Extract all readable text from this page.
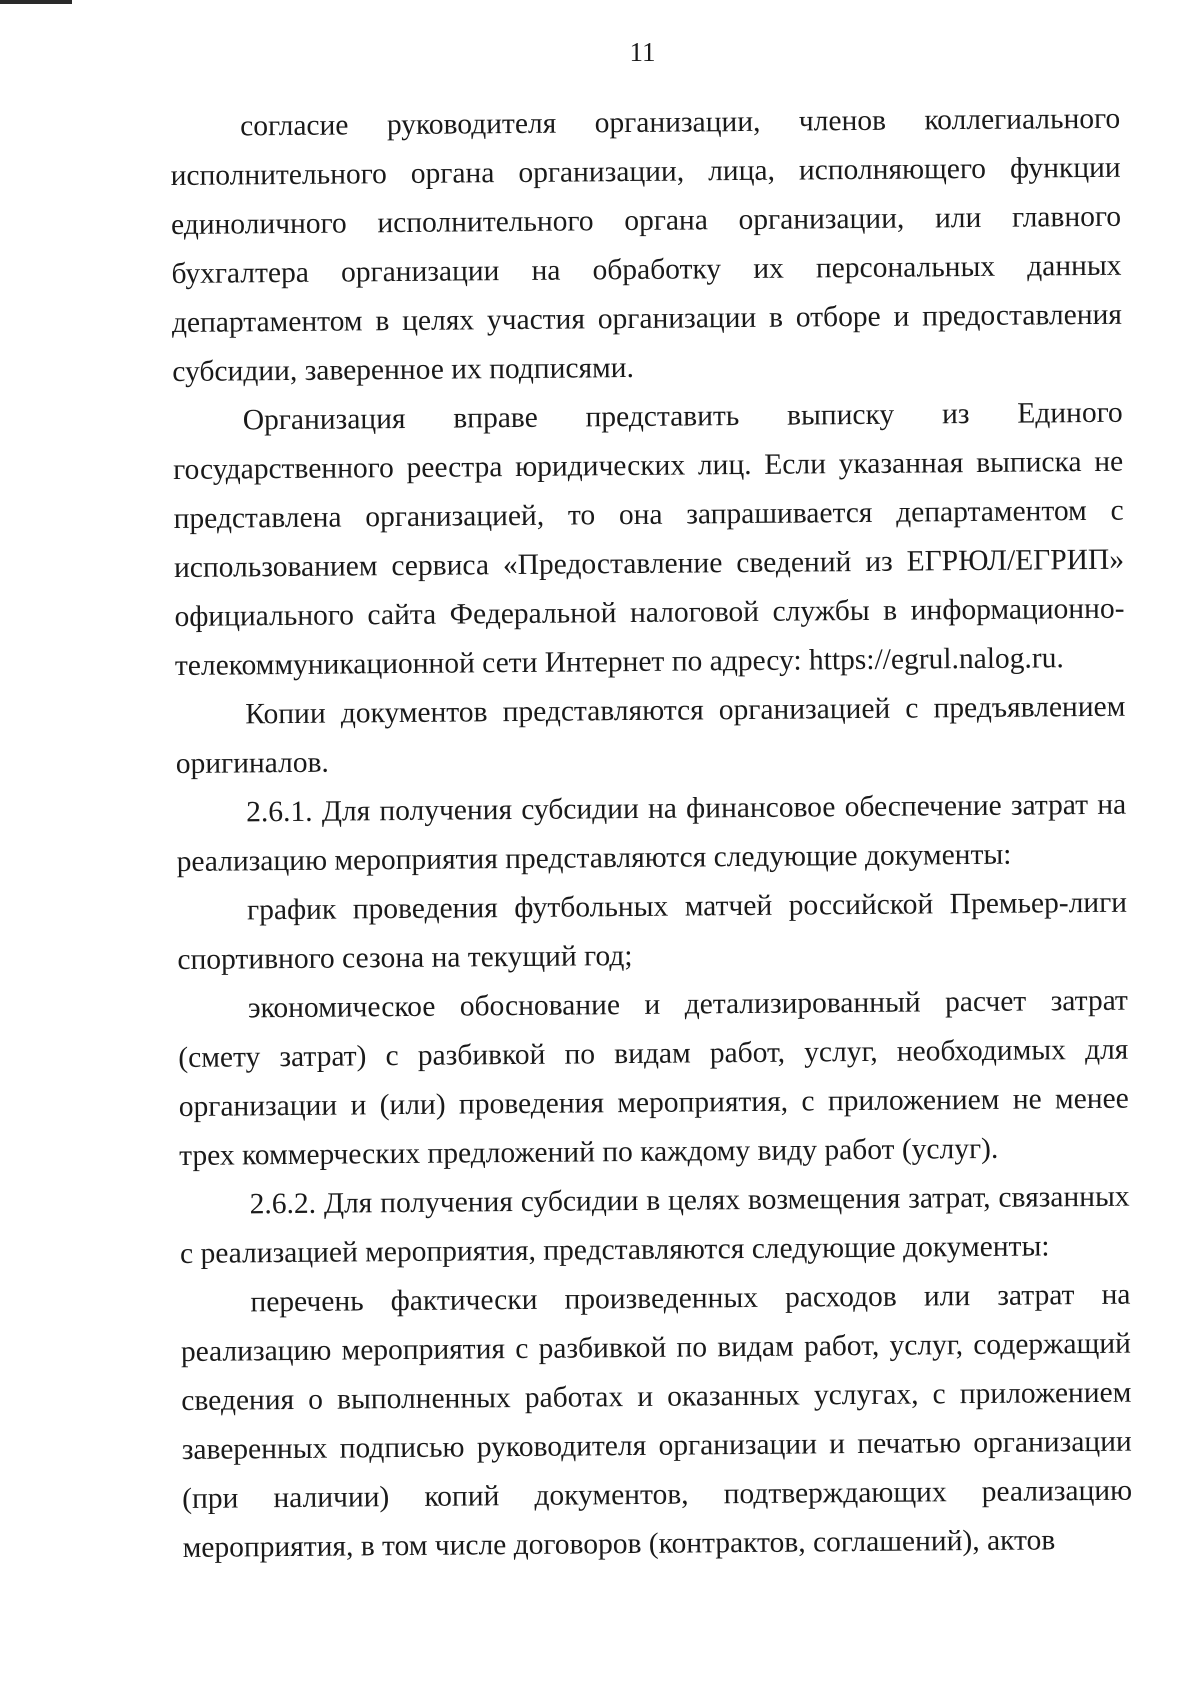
11

согласие руководителя организации, членов коллегиального исполнительного органа организации, лица, исполняющего функции единоличного исполнительного органа организации, или главного бухгалтера организации на обработку их персональных данных департаментом в целях участия организации в отборе и предоставления субсидии, заверенное их подписями.

Организация вправе представить выписку из Единого государственного реестра юридических лиц. Если указанная выписка не представлена организацией, то она запрашивается департаментом с использованием сервиса «Предоставление сведений из ЕГРЮЛ/ЕГРИП» официального сайта Федеральной налоговой службы в информационно-телекоммуникационной сети Интернет по адресу: https://egrul.nalog.ru.

Копии документов представляются организацией с предъявлением оригиналов.

2.6.1. Для получения субсидии на финансовое обеспечение затрат на реализацию мероприятия представляются следующие документы:

график проведения футбольных матчей российской Премьер-лиги спортивного сезона на текущий год;

экономическое обоснование и детализированный расчет затрат (смету затрат) с разбивкой по видам работ, услуг, необходимых для организации и (или) проведения мероприятия, с приложением не менее трех коммерческих предложений по каждому виду работ (услуг).

2.6.2. Для получения субсидии в целях возмещения затрат, связанных с реализацией мероприятия, представляются следующие документы:

перечень фактически произведенных расходов или затрат на реализацию мероприятия с разбивкой по видам работ, услуг, содержащий сведения о выполненных работах и оказанных услугах, с приложением заверенных подписью руководителя организации и печатью организации (при наличии) копий документов, подтверждающих реализацию мероприятия, в том числе договоров (контрактов, соглашений), актов
